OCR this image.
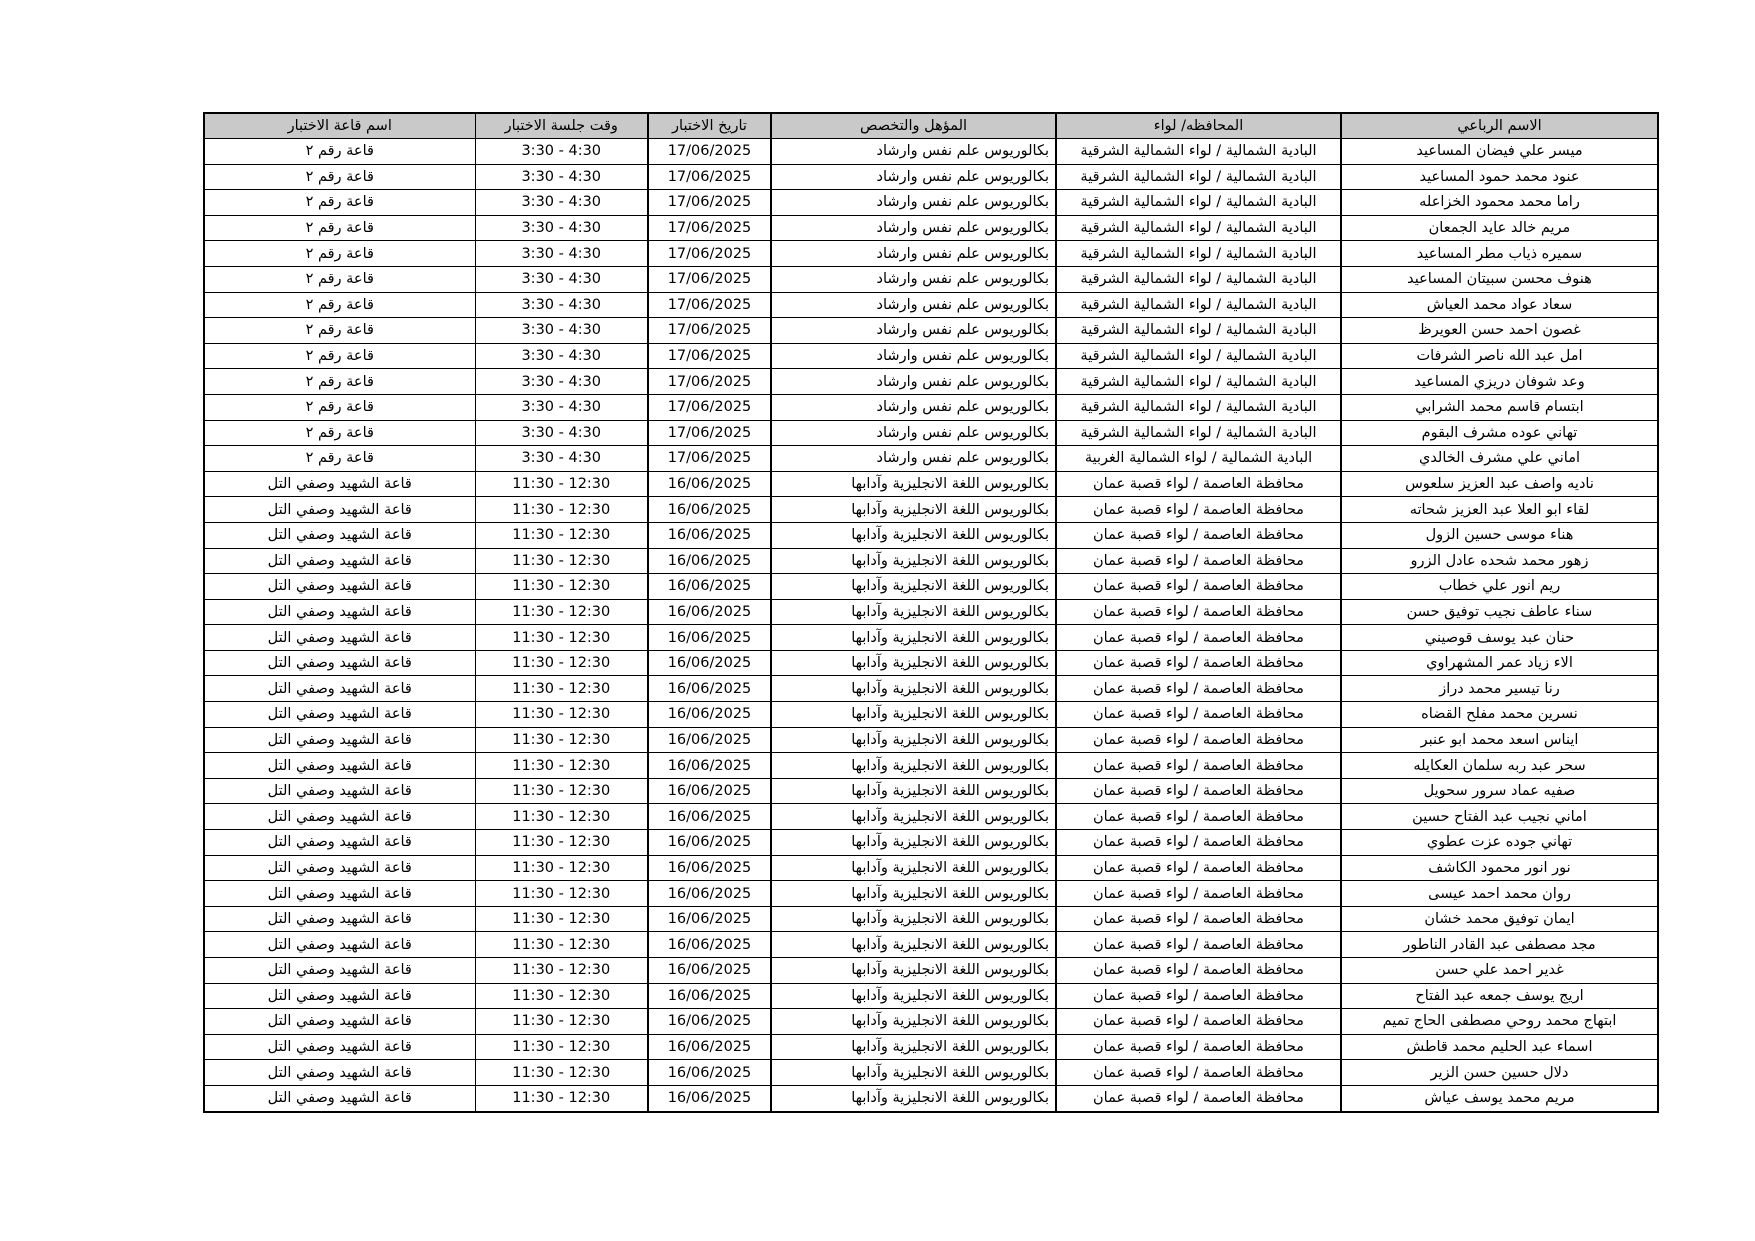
الاسم الرباعي	المحافظه/ لواء	المؤهل والتخصص	تاريخ الاختبار	وقت جلسة الاختبار	اسم قاعة الاختبار
ميسر علي فيضان المساعيد	البادية الشمالية / لواء الشمالية الشرقية	بكالوريوس علم نفس وارشاد	17/06/2025	3:30 - 4:30	قاعة رقم ٢
عنود محمد حمود المساعيد	البادية الشمالية / لواء الشمالية الشرقية	بكالوريوس علم نفس وارشاد	17/06/2025	3:30 - 4:30	قاعة رقم ٢
راما محمد محمود الخزاعله	البادية الشمالية / لواء الشمالية الشرقية	بكالوريوس علم نفس وارشاد	17/06/2025	3:30 - 4:30	قاعة رقم ٢
مريم خالد عايد الجمعان	البادية الشمالية / لواء الشمالية الشرقية	بكالوريوس علم نفس وارشاد	17/06/2025	3:30 - 4:30	قاعة رقم ٢
سميره ذياب مطر المساعيد	البادية الشمالية / لواء الشمالية الشرقية	بكالوريوس علم نفس وارشاد	17/06/2025	3:30 - 4:30	قاعة رقم ٢
هنوف محسن سبيتان المساعيد	البادية الشمالية / لواء الشمالية الشرقية	بكالوريوس علم نفس وارشاد	17/06/2025	3:30 - 4:30	قاعة رقم ٢
سعاد عواد محمد العياش	البادية الشمالية / لواء الشمالية الشرقية	بكالوريوس علم نفس وارشاد	17/06/2025	3:30 - 4:30	قاعة رقم ٢
غصون احمد حسن العويرظ	البادية الشمالية / لواء الشمالية الشرقية	بكالوريوس علم نفس وارشاد	17/06/2025	3:30 - 4:30	قاعة رقم ٢
امل عبد الله ناصر الشرفات	البادية الشمالية / لواء الشمالية الشرقية	بكالوريوس علم نفس وارشاد	17/06/2025	3:30 - 4:30	قاعة رقم ٢
وعد شوفان دريزي المساعيد	البادية الشمالية / لواء الشمالية الشرقية	بكالوريوس علم نفس وارشاد	17/06/2025	3:30 - 4:30	قاعة رقم ٢
ابتسام قاسم محمد الشرابي	البادية الشمالية / لواء الشمالية الشرقية	بكالوريوس علم نفس وارشاد	17/06/2025	3:30 - 4:30	قاعة رقم ٢
تهاني عوده مشرف البقوم	البادية الشمالية / لواء الشمالية الشرقية	بكالوريوس علم نفس وارشاد	17/06/2025	3:30 - 4:30	قاعة رقم ٢
اماني علي مشرف الخالدي	البادية الشمالية / لواء الشمالية الغربية	بكالوريوس علم نفس وارشاد	17/06/2025	3:30 - 4:30	قاعة رقم ٢
ناديه واصف عبد العزيز سلعوس	محافظة العاصمة / لواء قصبة عمان	بكالوريوس اللغة الانجليزية وآدابها	16/06/2025	11:30 - 12:30	قاعة الشهيد وصفي التل
لقاء ابو العلا عبد العزيز شحاته	محافظة العاصمة / لواء قصبة عمان	بكالوريوس اللغة الانجليزية وآدابها	16/06/2025	11:30 - 12:30	قاعة الشهيد وصفي التل
هناء موسى حسين الزول	محافظة العاصمة / لواء قصبة عمان	بكالوريوس اللغة الانجليزية وآدابها	16/06/2025	11:30 - 12:30	قاعة الشهيد وصفي التل
زهور محمد شحده عادل الزرو	محافظة العاصمة / لواء قصبة عمان	بكالوريوس اللغة الانجليزية وآدابها	16/06/2025	11:30 - 12:30	قاعة الشهيد وصفي التل
ريم انور علي خطاب	محافظة العاصمة / لواء قصبة عمان	بكالوريوس اللغة الانجليزية وآدابها	16/06/2025	11:30 - 12:30	قاعة الشهيد وصفي التل
سناء عاطف نجيب توفيق حسن	محافظة العاصمة / لواء قصبة عمان	بكالوريوس اللغة الانجليزية وآدابها	16/06/2025	11:30 - 12:30	قاعة الشهيد وصفي التل
حنان عبد يوسف قوصيني	محافظة العاصمة / لواء قصبة عمان	بكالوريوس اللغة الانجليزية وآدابها	16/06/2025	11:30 - 12:30	قاعة الشهيد وصفي التل
الاء زياد عمر المشهراوي	محافظة العاصمة / لواء قصبة عمان	بكالوريوس اللغة الانجليزية وآدابها	16/06/2025	11:30 - 12:30	قاعة الشهيد وصفي التل
رنا تيسير محمد دراز	محافظة العاصمة / لواء قصبة عمان	بكالوريوس اللغة الانجليزية وآدابها	16/06/2025	11:30 - 12:30	قاعة الشهيد وصفي التل
نسرين محمد مفلح القضاه	محافظة العاصمة / لواء قصبة عمان	بكالوريوس اللغة الانجليزية وآدابها	16/06/2025	11:30 - 12:30	قاعة الشهيد وصفي التل
ايناس اسعد محمد ابو عنبر	محافظة العاصمة / لواء قصبة عمان	بكالوريوس اللغة الانجليزية وآدابها	16/06/2025	11:30 - 12:30	قاعة الشهيد وصفي التل
سحر عبد ربه سلمان العكايله	محافظة العاصمة / لواء قصبة عمان	بكالوريوس اللغة الانجليزية وآدابها	16/06/2025	11:30 - 12:30	قاعة الشهيد وصفي التل
صفيه عماد سرور سحويل	محافظة العاصمة / لواء قصبة عمان	بكالوريوس اللغة الانجليزية وآدابها	16/06/2025	11:30 - 12:30	قاعة الشهيد وصفي التل
اماني نجيب عبد الفتاح حسين	محافظة العاصمة / لواء قصبة عمان	بكالوريوس اللغة الانجليزية وآدابها	16/06/2025	11:30 - 12:30	قاعة الشهيد وصفي التل
تهاني جوده عزت عطوي	محافظة العاصمة / لواء قصبة عمان	بكالوريوس اللغة الانجليزية وآدابها	16/06/2025	11:30 - 12:30	قاعة الشهيد وصفي التل
نور انور محمود الكاشف	محافظة العاصمة / لواء قصبة عمان	بكالوريوس اللغة الانجليزية وآدابها	16/06/2025	11:30 - 12:30	قاعة الشهيد وصفي التل
روان محمد احمد عيسى	محافظة العاصمة / لواء قصبة عمان	بكالوريوس اللغة الانجليزية وآدابها	16/06/2025	11:30 - 12:30	قاعة الشهيد وصفي التل
ايمان توفيق محمد خشان	محافظة العاصمة / لواء قصبة عمان	بكالوريوس اللغة الانجليزية وآدابها	16/06/2025	11:30 - 12:30	قاعة الشهيد وصفي التل
مجد مصطفى عبد القادر الناطور	محافظة العاصمة / لواء قصبة عمان	بكالوريوس اللغة الانجليزية وآدابها	16/06/2025	11:30 - 12:30	قاعة الشهيد وصفي التل
غدير احمد علي حسن	محافظة العاصمة / لواء قصبة عمان	بكالوريوس اللغة الانجليزية وآدابها	16/06/2025	11:30 - 12:30	قاعة الشهيد وصفي التل
اريج يوسف جمعه عبد الفتاح	محافظة العاصمة / لواء قصبة عمان	بكالوريوس اللغة الانجليزية وآدابها	16/06/2025	11:30 - 12:30	قاعة الشهيد وصفي التل
ابتهاج محمد روحي مصطفى الحاج تميم	محافظة العاصمة / لواء قصبة عمان	بكالوريوس اللغة الانجليزية وآدابها	16/06/2025	11:30 - 12:30	قاعة الشهيد وصفي التل
اسماء عبد الحليم محمد قاطش	محافظة العاصمة / لواء قصبة عمان	بكالوريوس اللغة الانجليزية وآدابها	16/06/2025	11:30 - 12:30	قاعة الشهيد وصفي التل
دلال حسين حسن الزير	محافظة العاصمة / لواء قصبة عمان	بكالوريوس اللغة الانجليزية وآدابها	16/06/2025	11:30 - 12:30	قاعة الشهيد وصفي التل
مريم محمد يوسف عياش	محافظة العاصمة / لواء قصبة عمان	بكالوريوس اللغة الانجليزية وآدابها	16/06/2025	11:30 - 12:30	قاعة الشهيد وصفي التل
